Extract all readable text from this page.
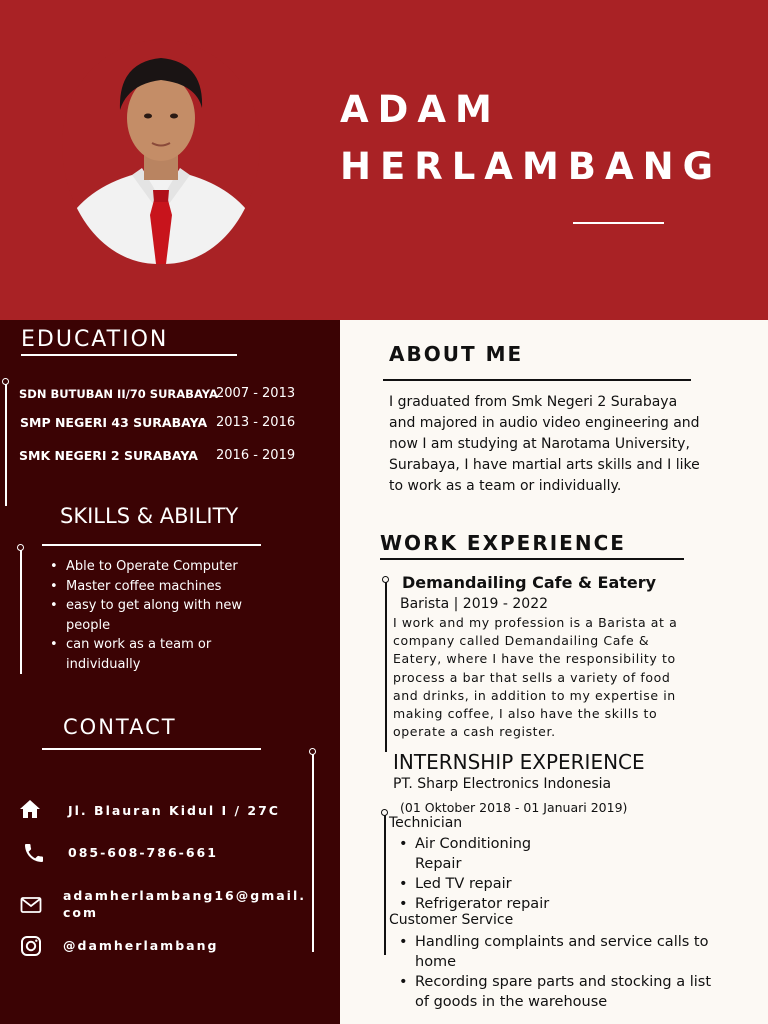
ADAM
HERLAMBANG
EDUCATION
SDN BUTUBAN II/70 SURABAYA
2007 - 2013
SMP NEGERI 43 SURABAYA 2013 - 2016
SMK NEGERI 2 SURABAYA 2016 - 2019
SKILLS & ABILITY
• Able to Operate Computer
• Master coffee machines
• easy to get along with new people
• can work as a team or individually
CONTACT
Jl. Blauran Kidul I / 27C
085-608-786-661
adamherlambang16@gmail.
com
@damherlambang
ABOUT ME
I graduated from Smk Negeri 2 Surabaya and majored in audio video engineering and now I am studying at Narotama University, Surabaya, I have martial arts skills and I like to work as a team or individually.
WORK EXPERIENCE
Demandailing Cafe & Eatery
Barista | 2019 - 2022
I work and my profession is a Barista at a company called Demandailing Cafe & Eatery, where I have the responsibility to process a bar that sells a variety of food and drinks, in addition to my expertise in making coffee, I also have the skills to operate a cash register.
INTERNSHIP EXPERIENCE
PT. Sharp Electronics Indonesia
(01 Oktober 2018 - 01 Januari 2019)
Technician
• Air Conditioning Repair
• Led TV repair
• Refrigerator repair
Customer Service
• Handling complaints and service calls to home
• Recording spare parts and stocking a list of goods in the warehouse
